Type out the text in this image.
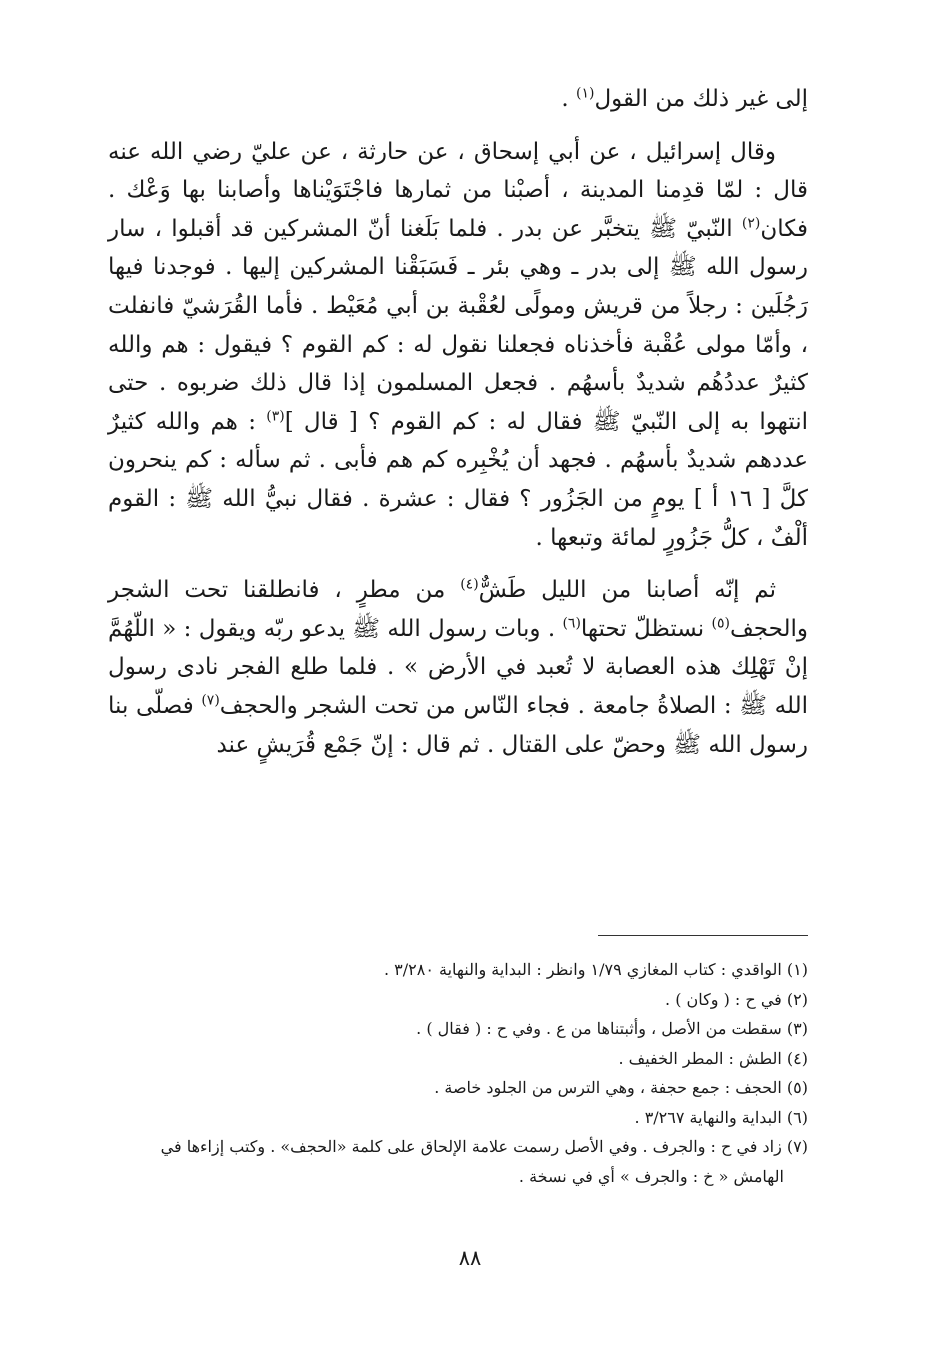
إلى غير ذلك من القول$^{(١)}$ .

وقال إسرائيل ، عن أبي إسحاق ، عن حارثة ، عن عليّ رضي الله عنه قال : لمّا قدِمنا المدينة ، أصبْنا من ثمارها فاجْتَوَيْناها وأصابنا بها وَعْك . فكان$^{(٢)}$ النّبيّ ﷺ يتخبَّر عن بدر . فلما بَلَغنا أنّ المشركين قد أقبلوا ، سار رسول الله ﷺ إلى بدر ـ وهي بئر ـ فَسَبَقْنا المشركين إليها . فوجدنا فيها رَجُلَين : رجلاً من قريش ومولًى لعُقْبة بن أبي مُعَيْط . فأما القُرَشيّ فانفلت ، وأمّا مولى عُقْبة فأخذناه فجعلنا نقول له : كم القوم ؟ فيقول : هم والله كثيرٌ عددُهُم شديدٌ بأسهُم . فجعل المسلمون إذا قال ذلك ضربوه . حتى انتهوا به إلى النّبيّ ﷺ فقال له : كم القوم ؟ [ قال ]$^{(٣)}$ : هم والله كثيرٌ عددهم شديدٌ بأسهُم . فجهد أن يُخْبِره كم هم فأبى . ثم سأله : كم ينحرون كلَّ [ ١٦ أ ] يومٍ من الجَزُور ؟ فقال : عشرة . فقال نبيُّ الله ﷺ : القوم ألْفٌ ، كلُّ جَزُورٍ لمائة وتبعها .

ثم إنّه أصابنا من الليل طَشٌّ$^{(٤)}$ من مطرٍ ، فانطلقنا تحت الشجر والحجف$^{(٥)}$ نستظلّ تحتها$^{(٦)}$ . وبات رسول الله ﷺ يدعو ربّه ويقول : « اللّهُمَّ إنْ تَهْلِك هذه العصابة لا تُعبد في الأرض » . فلما طلع الفجر نادى رسول الله ﷺ : الصلاةُ جامعة . فجاء النّاس من تحت الشجر والحجف$^{(٧)}$ فصلّى بنا رسول الله ﷺ وحضّ على القتال . ثم قال : إنّ جَمْع قُرَيشٍ عند

(١) الواقدي : كتاب المغازي ١/٧٩ وانظر : البداية والنهاية ٣/٢٨٠ .

(٢) في ح : ( وكان ) .

(٣) سقطت من الأصل ، وأثبتناها من ع . وفي ح : ( فقال ) .

(٤) الطش : المطر الخفيف .

(٥) الحجف : جمع حجفة ، وهي الترس من الجلود خاصة .

(٦) البداية والنهاية ٣/٢٦٧ .

(٧) زاد في ح : والجرف . وفي الأصل رسمت علامة الإلحاق على كلمة «الحجف» . وكتب إزاءها في
الهامش « خ : والجرف » أي في نسخة .

٨٨
